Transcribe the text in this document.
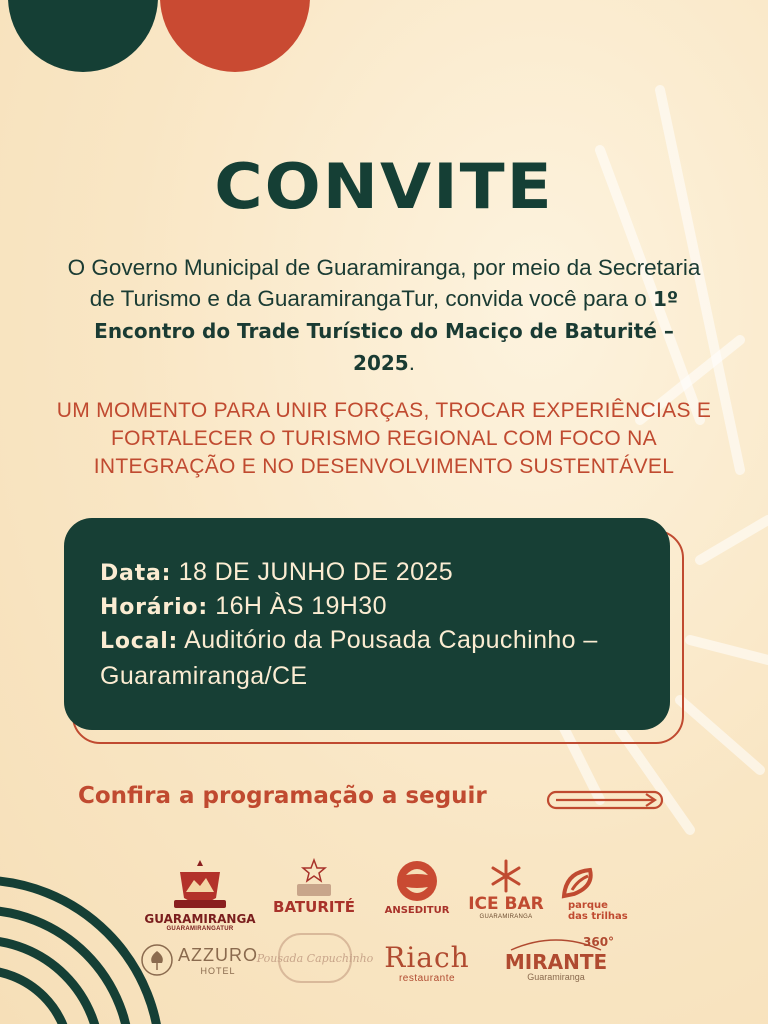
CONVITE
O Governo Municipal de Guaramiranga, por meio da Secretaria de Turismo e da GuaramirangaTur, convida você para o 1º Encontro do Trade Turístico do Maciço de Baturité – 2025.
UM MOMENTO PARA UNIR FORÇAS, TROCAR EXPERIÊNCIAS E FORTALECER O TURISMO REGIONAL COM FOCO NA INTEGRAÇÃO E NO DESENVOLVIMENTO SUSTENTÁVEL
Data: 18 DE JUNHO DE 2025
Horário: 16H ÀS 19H30
Local: Auditório da Pousada Capuchinho – Guaramiranga/CE
Confira a programação a seguir
GUARAMIRANGA
GUARAMIRANGATUR
BATURITÉ	ANSEDITUR ICE BAR
GUARAMIRANGA
parque
das trilhas
AZZURO
HOTEL
Pousada Capuchinho Riach
restaurante
360°
MIRANTE
Guaramiranga
